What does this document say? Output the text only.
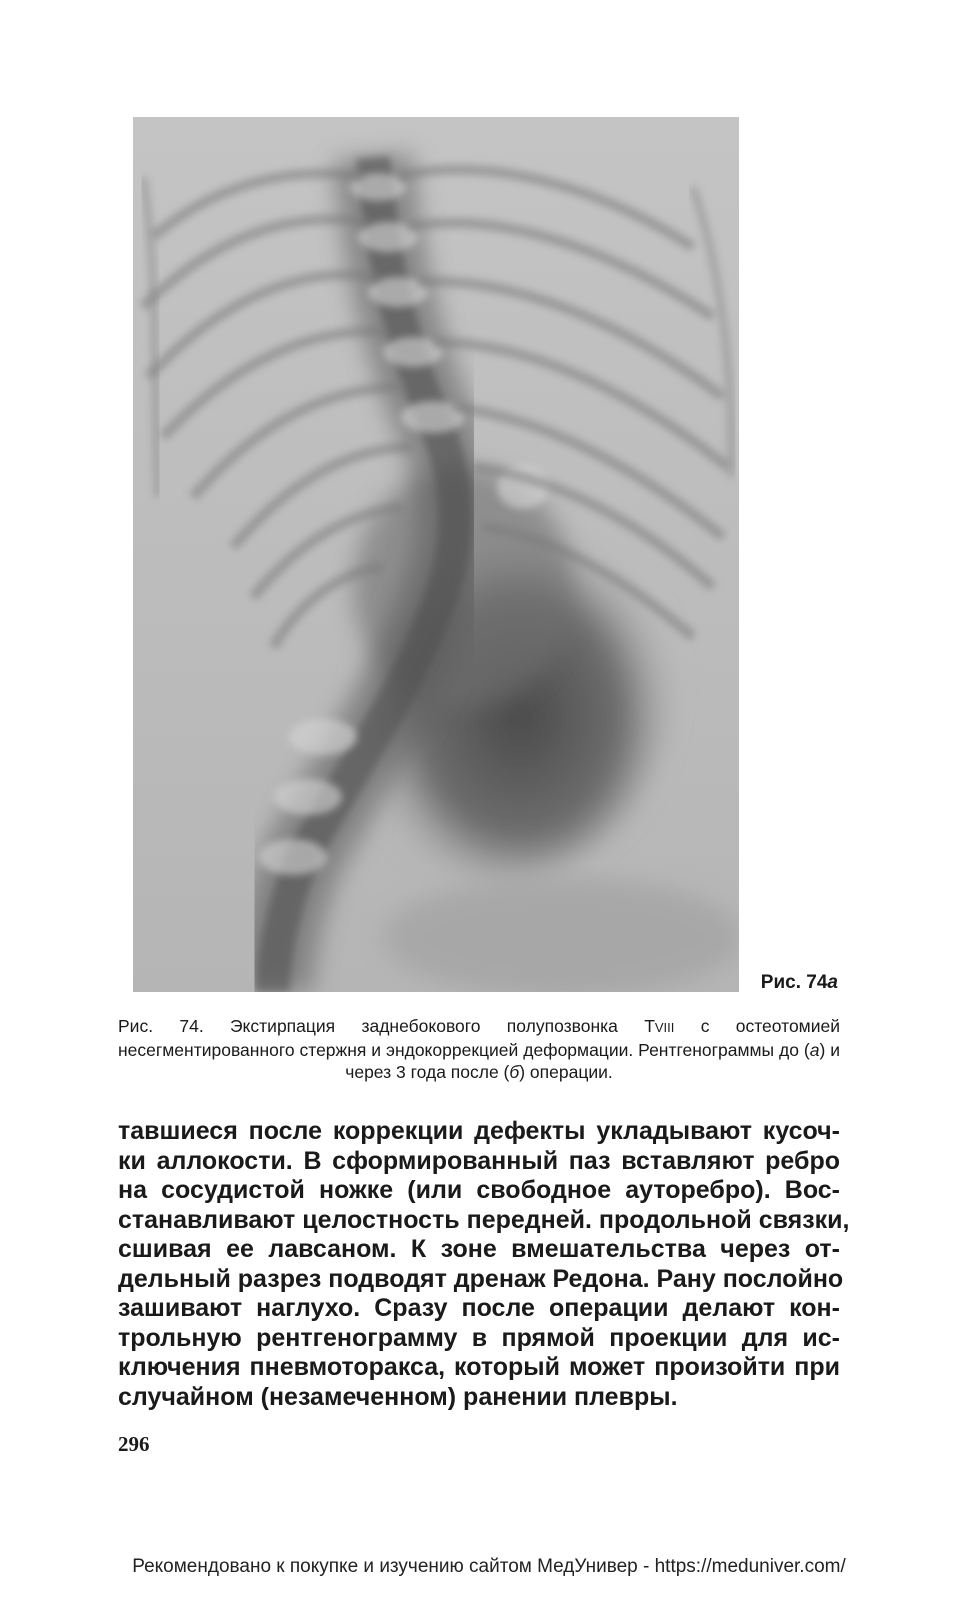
Рис. 74а
Рис. 74. Экстирпация заднебокового полупозвонка TVIII с остеотомией несегментированного стержня и эндокоррекцией деформации. Рентгенограммы до (а) и через 3 года после (б) операции.
тавшиеся после коррекции дефекты укладывают кусоч-
ки аллокости. В сформированный паз вставляют ребро
на сосудистой ножке (или свободное ауторебро). Вос-
станавливают целостность передней. продольной связки,
сшивая ее лавсаном. К зоне вмешательства через от-
дельный разрез подводят дренаж Редона. Рану послойно
зашивают наглухо. Сразу после операции делают кон-
трольную рентгенограмму в прямой проекции для ис-
ключения пневмоторакса, который может произойти при
случайном (незамеченном) ранении плевры.
296
Рекомендовано к покупке и изучению сайтом МедУнивер - https://meduniver.com/
